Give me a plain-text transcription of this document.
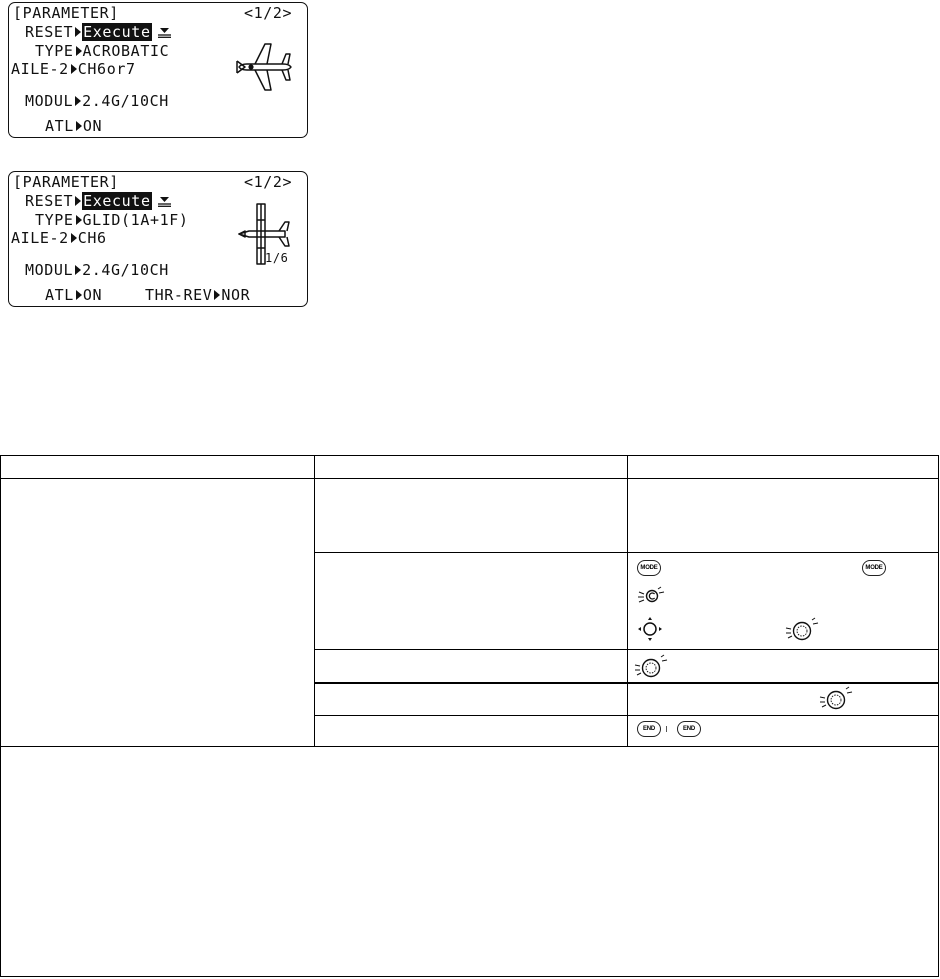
[PARAMETER]	<1/2>
RESET Execute
TYPE ACROBATIC
AILE-2 CH6or7
MODUL 2.4G/10CH
ATL ON
[PARAMETER]	<1/2>
RESET Execute
TYPE GLID(1A+1F)
AILE-2 CH6
MODUL 2.4G/10CH
ATL ON	THR-REV NOR
1/6
MODE	MODE
END	END
